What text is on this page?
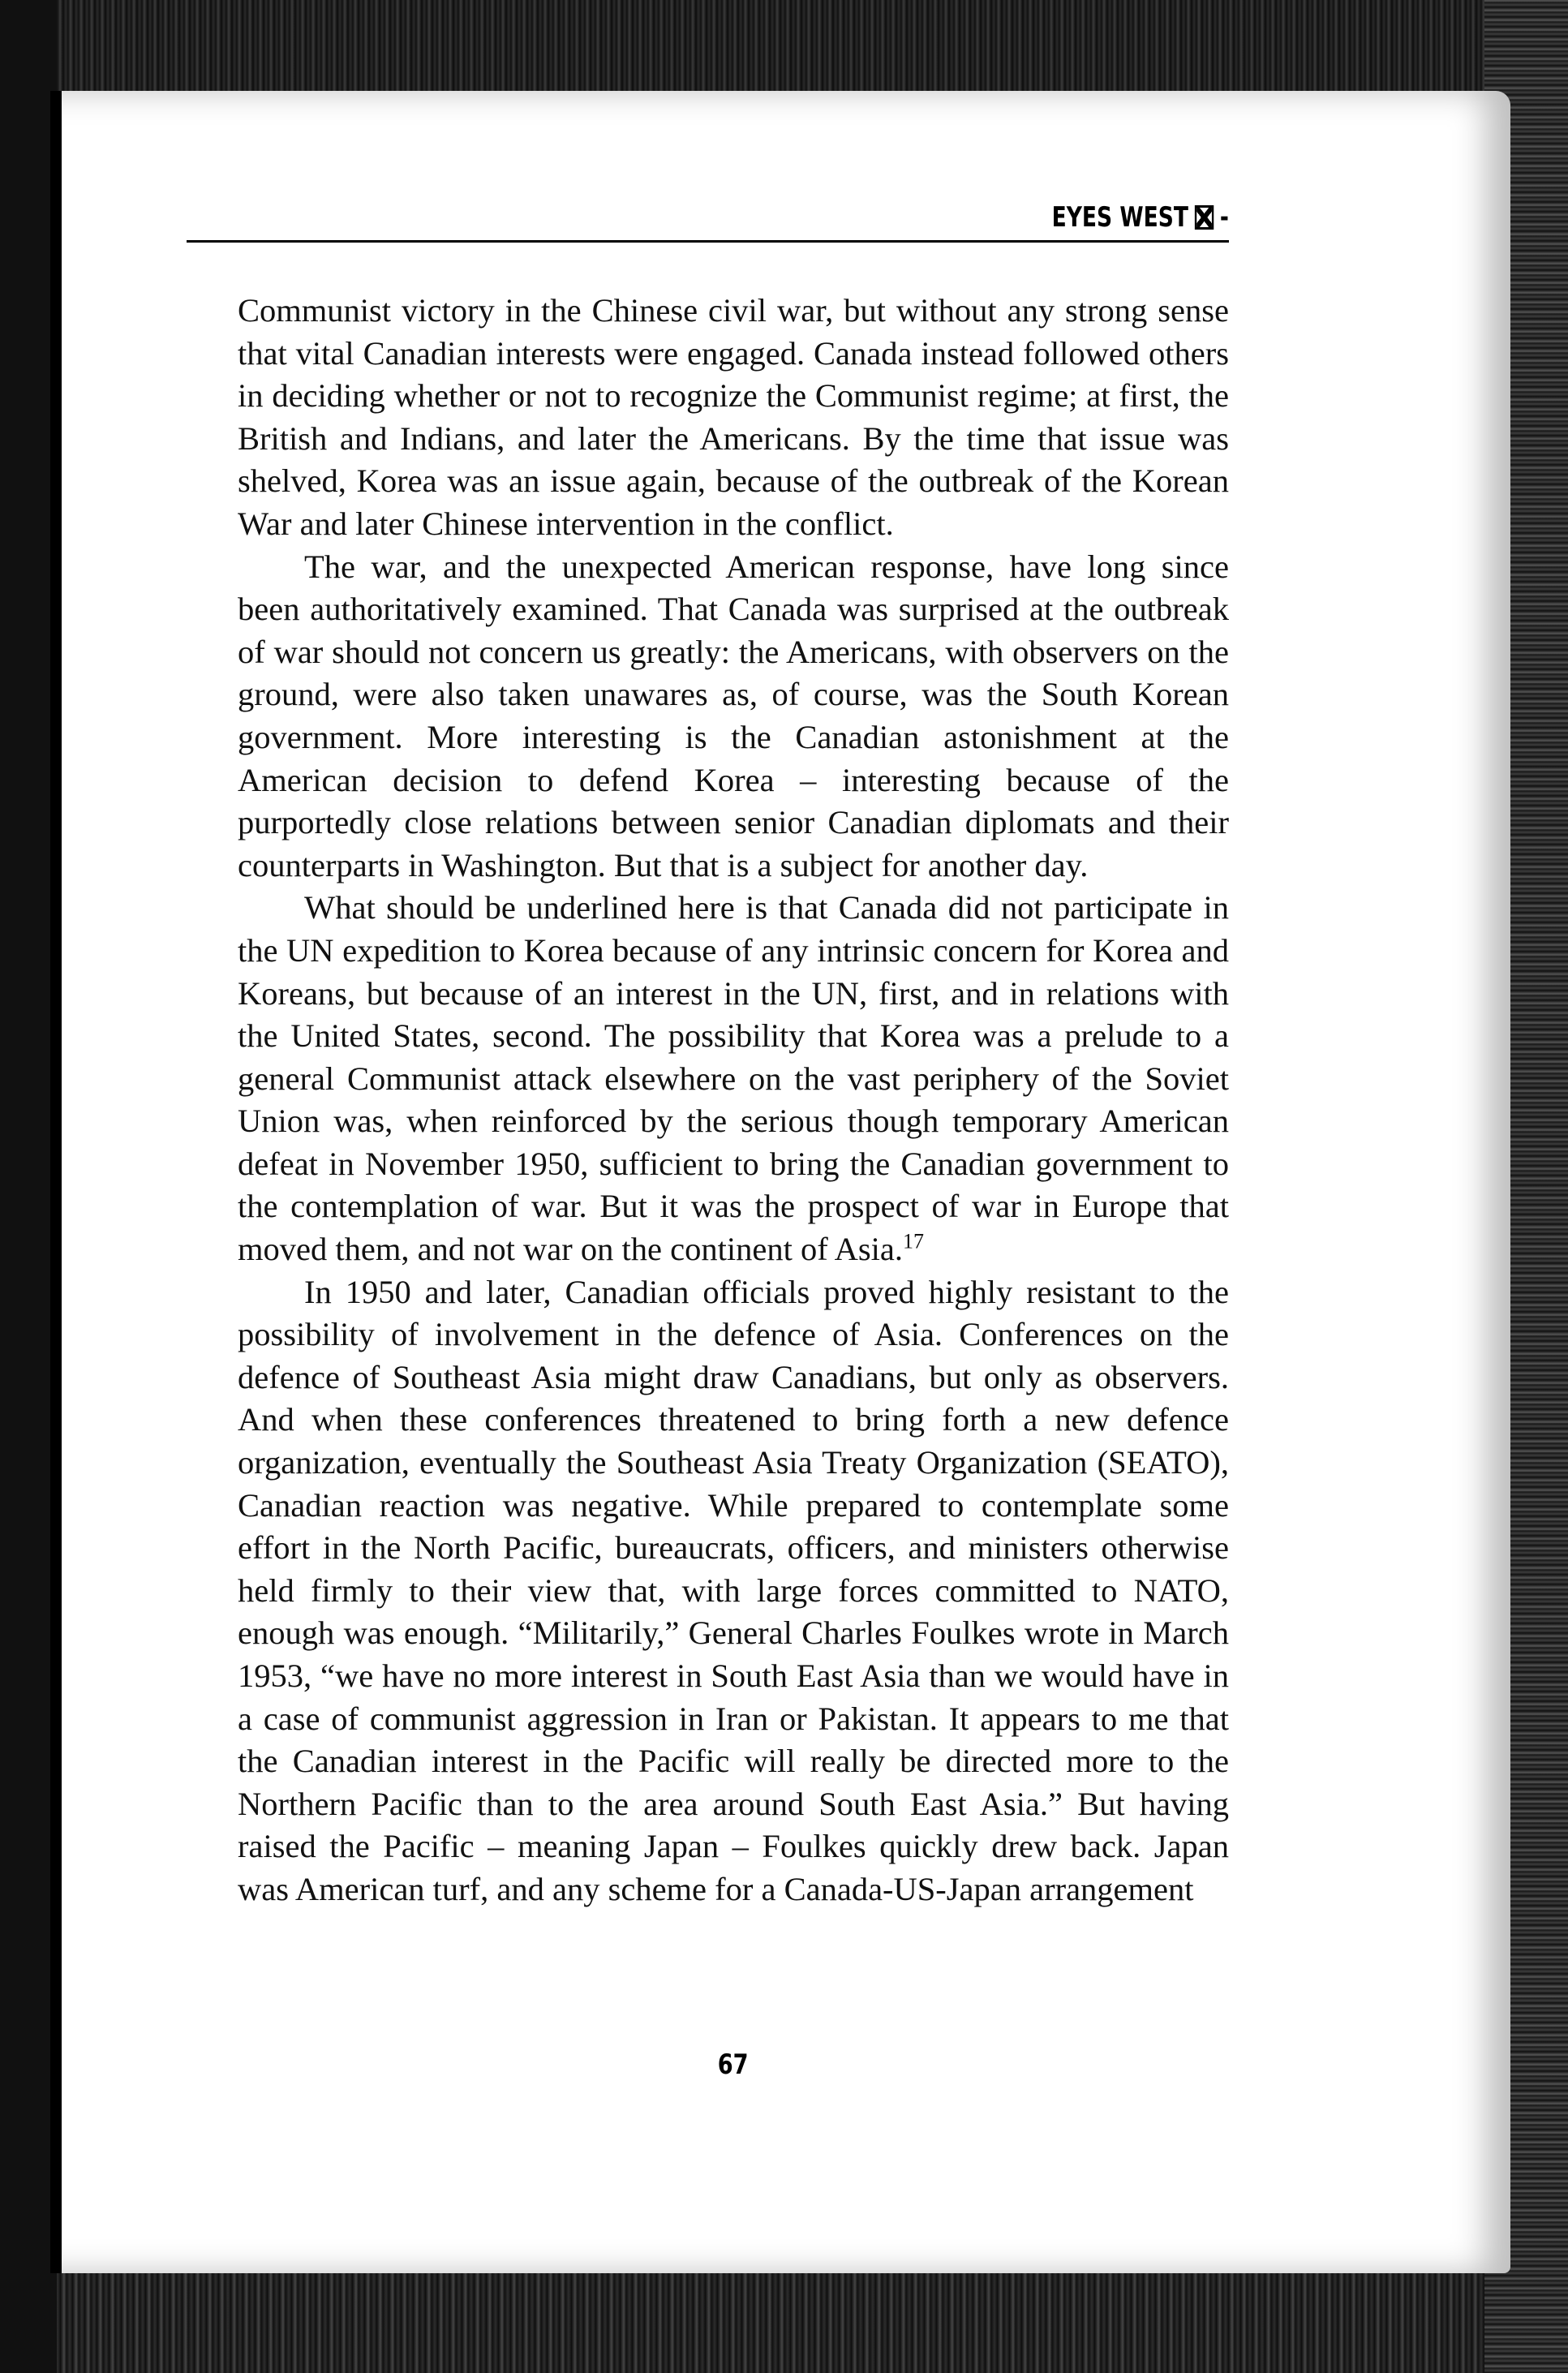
EYES WEST -

Communist victory in the Chinese civil war, but without any strong sense that vital Canadian interests were engaged. Canada instead followed others in deciding whether or not to recognize the Communist regime; at first, the British and Indians, and later the Americans. By the time that issue was shelved, Korea was an issue again, because of the outbreak of the Korean War and later Chinese intervention in the conflict.

The war, and the unexpected American response, have long since been authoritatively examined. That Canada was surprised at the outbreak of war should not concern us greatly: the Americans, with observers on the ground, were also taken unawares as, of course, was the South Korean government. More interesting is the Canadian astonishment at the American decision to defend Korea – interesting because of the purportedly close relations between senior Canadian diplomats and their counterparts in Washington. But that is a subject for another day.

What should be underlined here is that Canada did not participate in the UN expedition to Korea because of any intrinsic concern for Korea and Koreans, but because of an interest in the UN, first, and in relations with the United States, second. The possibility that Korea was a prelude to a general Communist attack elsewhere on the vast periphery of the Soviet Union was, when reinforced by the serious though temporary American defeat in November 1950, sufficient to bring the Canadian government to the contemplation of war. But it was the prospect of war in Europe that moved them, and not war on the continent of Asia.$^{17}$

In 1950 and later, Canadian officials proved highly resistant to the possibility of involvement in the defence of Asia. Conferences on the defence of Southeast Asia might draw Canadians, but only as observers. And when these conferences threatened to bring forth a new defence organization, eventually the Southeast Asia Treaty Organization (SEATO), Canadian reaction was negative. While prepared to contemplate some effort in the North Pacific, bureaucrats, officers, and ministers otherwise held firmly to their view that, with large forces committed to NATO, enough was enough. “Militarily,” General Charles Foulkes wrote in March 1953, “we have no more interest in South East Asia than we would have in a case of communist aggression in Iran or Pakistan. It appears to me that the Canadian interest in the Pacific will really be directed more to the Northern Pacific than to the area around South East Asia.” But having raised the Pacific – meaning Japan – Foulkes quickly drew back. Japan was American turf, and any scheme for a Canada-US-Japan arrangement

67
